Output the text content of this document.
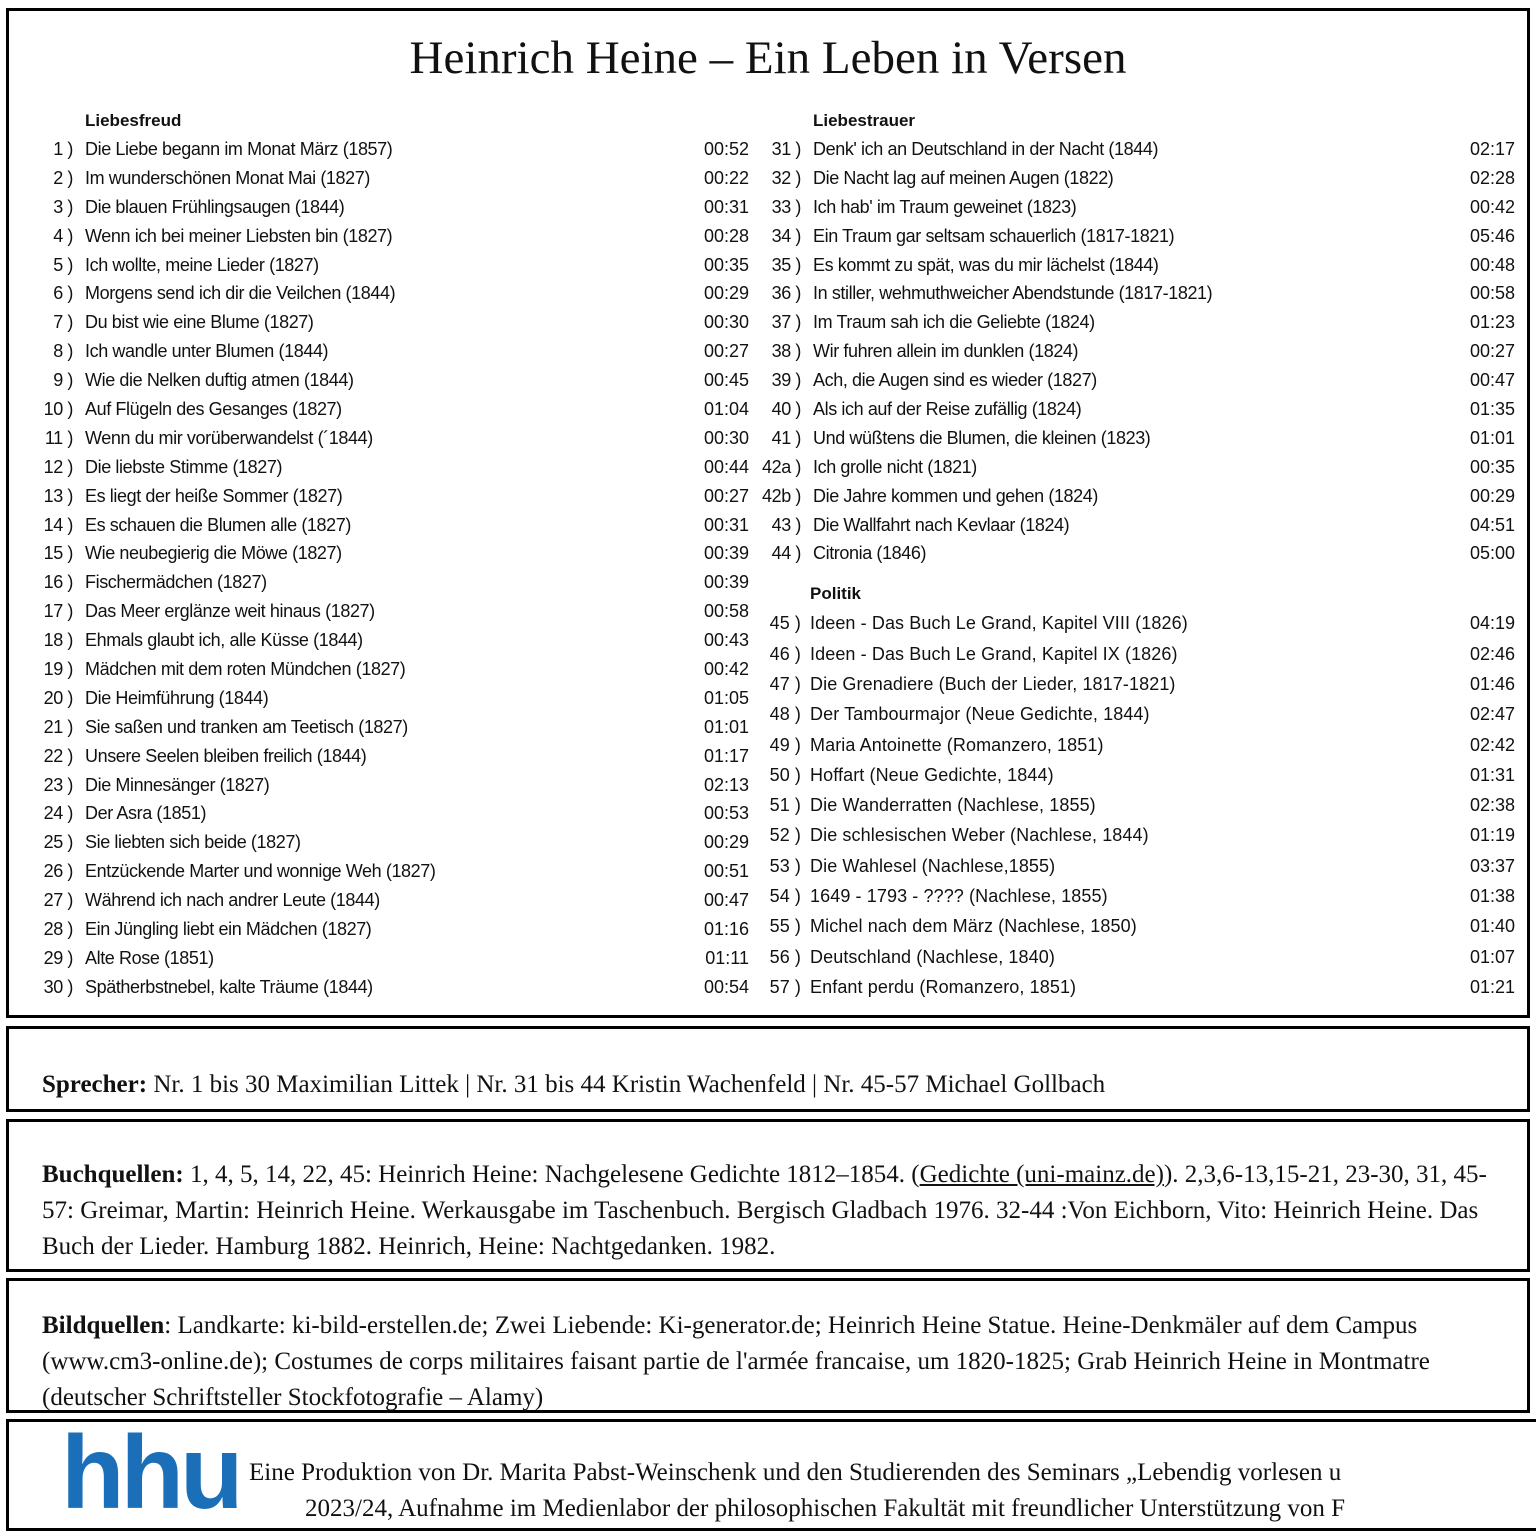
Heinrich Heine – Ein Leben in Versen
Liebesfreud
1 ) Die Liebe begann im Monat März (1857)	00:52
2 ) Im wunderschönen Monat Mai (1827)	00:22
3 ) Die blauen Frühlingsaugen (1844)	00:31
4 ) Wenn ich bei meiner Liebsten bin (1827)	00:28
5 ) Ich wollte, meine Lieder (1827)	00:35
6 ) Morgens send ich dir die Veilchen (1844)	00:29
7 ) Du bist wie eine Blume (1827)	00:30
8 ) Ich wandle unter Blumen (1844)	00:27
9 ) Wie die Nelken duftig atmen (1844)	00:45
10 ) Auf Flügeln des Gesanges (1827)	01:04
11 ) Wenn du mir vorüberwandelst (´1844)	00:30
12 ) Die liebste Stimme (1827)	00:44
13 ) Es liegt der heiße Sommer (1827)	00:27
14 ) Es schauen die Blumen alle (1827)	00:31
15 ) Wie neubegierig die Möwe (1827)	00:39
16 ) Fischermädchen (1827)	00:39
17 ) Das Meer erglänze weit hinaus (1827)	00:58
18 ) Ehmals glaubt ich, alle Küsse (1844)	00:43
19 ) Mädchen mit dem roten Mündchen (1827)	00:42
20 ) Die Heimführung (1844)	01:05
21 ) Sie saßen und tranken am Teetisch (1827)	01:01
22 ) Unsere Seelen bleiben freilich (1844)	01:17
23 ) Die Minnesänger (1827)	02:13
24 ) Der Asra (1851)	00:53
25 ) Sie liebten sich beide (1827)	00:29
26 ) Entzückende Marter und wonnige Weh (1827)	00:51
27 ) Während ich nach andrer Leute (1844)	00:47
28 ) Ein Jüngling liebt ein Mädchen (1827)	01:16
29 ) Alte Rose (1851)	01:11
30 ) Spätherbstnebel, kalte Träume (1844)	00:54
Liebestrauer
31 ) Denk' ich an Deutschland in der Nacht (1844)	02:17
32 ) Die Nacht lag auf meinen Augen (1822)	02:28
33 ) Ich hab' im Traum geweinet (1823)	00:42
34 ) Ein Traum gar seltsam schauerlich (1817-1821)	05:46
35 ) Es kommt zu spät, was du mir lächelst (1844)	00:48
36 ) In stiller, wehmuthweicher Abendstunde (1817-1821)	00:58
37 ) Im Traum sah ich die Geliebte (1824)	01:23
38 ) Wir fuhren allein im dunklen (1824)	00:27
39 ) Ach, die Augen sind es wieder (1827)	00:47
40 ) Als ich auf der Reise zufällig (1824)	01:35
41 ) Und wüßtens die Blumen, die kleinen (1823)	01:01
42a ) Ich grolle nicht (1821)	00:35
42b ) Die Jahre kommen und gehen (1824)	00:29
43 ) Die Wallfahrt nach Kevlaar (1824)	04:51
44 ) Citronia (1846)	05:00
Politik
45 ) Ideen - Das Buch Le Grand, Kapitel VIII (1826)	04:19
46 ) Ideen - Das Buch Le Grand, Kapitel IX (1826)	02:46
47 ) Die Grenadiere (Buch der Lieder, 1817-1821)	01:46
48 ) Der Tambourmajor (Neue Gedichte, 1844)	02:47
49 ) Maria Antoinette (Romanzero, 1851)	02:42
50 ) Hoffart (Neue Gedichte, 1844)	01:31
51 ) Die Wanderratten (Nachlese, 1855)	02:38
52 ) Die schlesischen Weber (Nachlese, 1844)	01:19
53 ) Die Wahlesel (Nachlese,1855)	03:37
54 ) 1649 - 1793 - ???? (Nachlese, 1855)	01:38
55 ) Michel nach dem März (Nachlese, 1850)	01:40
56 ) Deutschland (Nachlese, 1840)	01:07
57 ) Enfant perdu (Romanzero, 1851)	01:21
Sprecher: Nr. 1 bis 30 Maximilian Littek | Nr. 31 bis 44 Kristin Wachenfeld | Nr. 45-57 Michael Gollbach
Buchquellen: 1, 4, 5, 14, 22, 45: Heinrich Heine: Nachgelesene Gedichte 1812–1854. (Gedichte (uni-mainz.de)). 2,3,6-13,15-21, 23-30, 31, 45-57: Greimar, Martin: Heinrich Heine. Werkausgabe im Taschenbuch. Bergisch Gladbach 1976. 32-44 :Von Eichborn, Vito: Heinrich Heine. Das Buch der Lieder. Hamburg 1882. Heinrich, Heine: Nachtgedanken. 1982.
Bildquellen: Landkarte: ki-bild-erstellen.de; Zwei Liebende: Ki-generator.de; Heinrich Heine Statue. Heine-Denkmäler auf dem Campus (www.cm3-online.de); Costumes de corps militaires faisant partie de l'armée francaise, um 1820-1825; Grab Heinrich Heine in Montmatre (deutscher Schriftsteller Stockfotografie – Alamy)
hhu Eine Produktion von Dr. Marita Pabst-Weinschenk und den Studierenden des Seminars „Lebendig vorlesen u
2023/24, Aufnahme im Medienlabor der philosophischen Fakultät mit freundlicher Unterstützung von F
